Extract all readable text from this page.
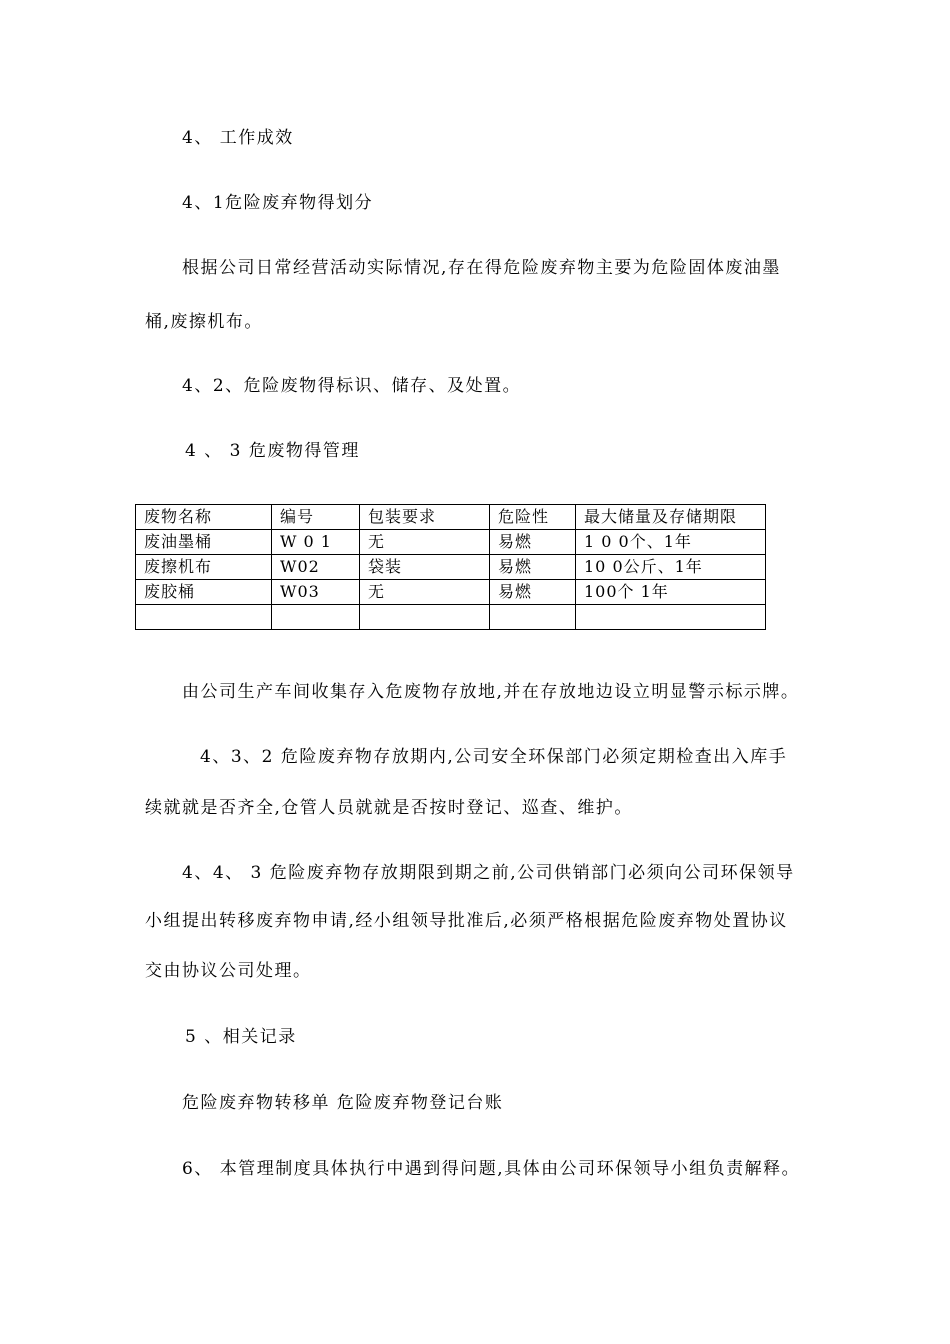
4、 工作成效
4、1危险废弃物得划分
根据公司日常经营活动实际情况,存在得危险废弃物主要为危险固体废油墨
桶,废擦机布。
4、2、危险废物得标识、储存、及处置。
4 、 3 危废物得管理
废物名称	编号	包装要求	危险性	最大储量及存储期限
废油墨桶	W 0 1	无	易燃	1 0 0个、1年
废擦机布	W02	袋装	易燃	10 0公斤、1年
废胶桶	W03	无	易燃	100个 1年

由公司生产车间收集存入危废物存放地,并在存放地边设立明显警示标示牌。
4、3、2 危险废弃物存放期内,公司安全环保部门必须定期检查出入库手
续就就是否齐全,仓管人员就就是否按时登记、巡查、维护。
4、4、 3 危险废弃物存放期限到期之前,公司供销部门必须向公司环保领导
小组提出转移废弃物申请,经小组领导批准后,必须严格根据危险废弃物处置协议
交由协议公司处理。
5 、相关记录
危险废弃物转移单 危险废弃物登记台账
6、 本管理制度具体执行中遇到得问题,具体由公司环保领导小组负责解释。
